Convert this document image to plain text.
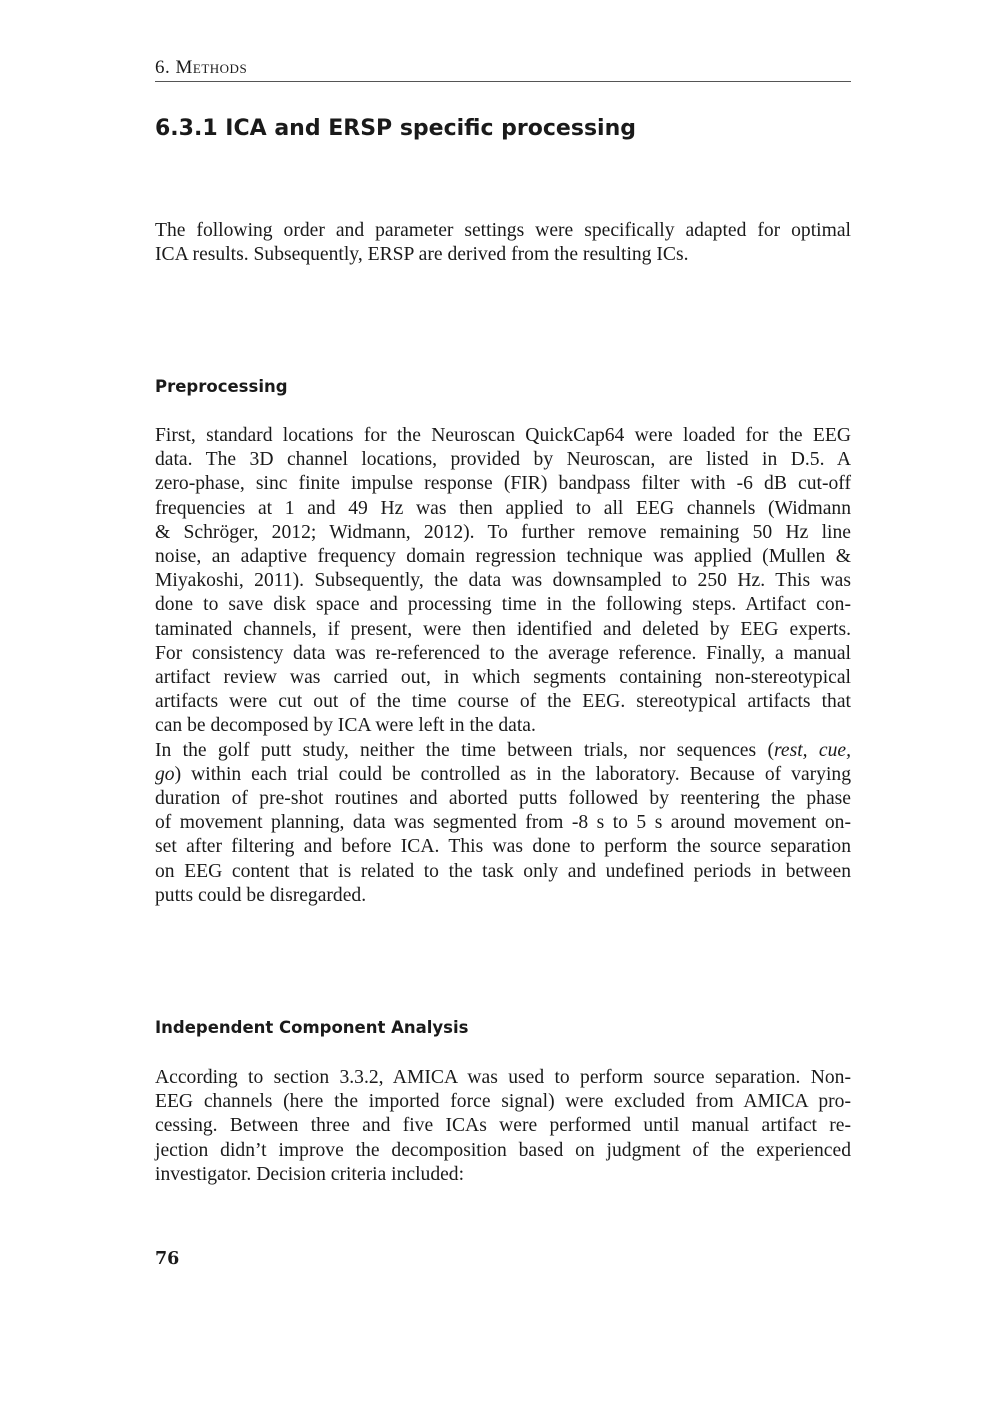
6. Methods
6.3.1 ICA and ERSP specific processing

The following order and parameter settings were specifically adapted for optimal
ICA results. Subsequently, ERSP are derived from the resulting ICs.

Preprocessing

First, standard locations for the Neuroscan QuickCap64 were loaded for the EEG
data. The 3D channel locations, provided by Neuroscan, are listed in D.5. A
zero-phase, sinc finite impulse response (FIR) bandpass filter with -6 dB cut-off
frequencies at 1 and 49 Hz was then applied to all EEG channels (Widmann
& Schröger, 2012; Widmann, 2012). To further remove remaining 50 Hz line
noise, an adaptive frequency domain regression technique was applied (Mullen &
Miyakoshi, 2011). Subsequently, the data was downsampled to 250 Hz. This was
done to save disk space and processing time in the following steps. Artifact con-
taminated channels, if present, were then identified and deleted by EEG experts.
For consistency data was re-referenced to the average reference. Finally, a manual
artifact review was carried out, in which segments containing non-stereotypical
artifacts were cut out of the time course of the EEG. stereotypical artifacts that
can be decomposed by ICA were left in the data.

In the golf putt study, neither the time between trials, nor sequences (rest, cue,
go) within each trial could be controlled as in the laboratory. Because of varying
duration of pre-shot routines and aborted putts followed by reentering the phase
of movement planning, data was segmented from -8 s to 5 s around movement on-
set after filtering and before ICA. This was done to perform the source separation
on EEG content that is related to the task only and undefined periods in between
putts could be disregarded.

Independent Component Analysis

According to section 3.3.2, AMICA was used to perform source separation. Non-
EEG channels (here the imported force signal) were excluded from AMICA pro-
cessing. Between three and five ICAs were performed until manual artifact re-
jection didn’t improve the decomposition based on judgment of the experienced
investigator. Decision criteria included:

76
